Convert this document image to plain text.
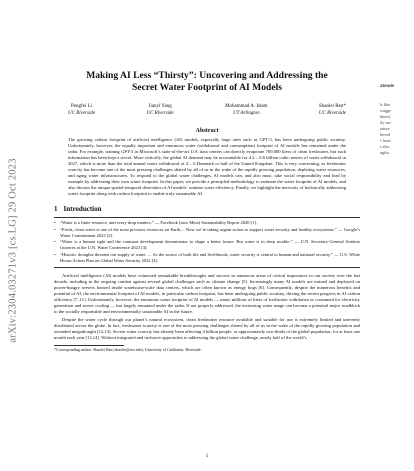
arXiv:2304.03271v3 [cs.LG] 29 Oct 2023
afeude
ls like
wagge
hines)
tly use
rature
lieved
r from
s also
ngths
Making AI Less “Thirsty”: Uncovering and Addressing the
Secret Water Footprint of AI Models
Pengfei Li
UC Riverside
Jianyi Yang
UC Riverside
Mohammad A. Islam
UT Arlington
Shaolei Ren*
UC Riverside
Abstract

The growing carbon footprint of artificial intelligence (AI) models, especially large ones such as GPT-3, has been undergoing public scrutiny. Unfortunately, however, the equally important and enormous water (withdrawal and consumption) footprint of AI models has remained under the radar. For example, training GPT-3 in Microsoft’s state-of-the-art U.S. data centers can directly evaporate 700,000 liters of clean freshwater, but such information has been kept a secret. More critically, the global AI demand may be accountable for 4.2 – 6.6 billion cubic meters of water withdrawal in 2027, which is more than the total annual water withdrawal of 4 – 6 Denmark or half of the United Kingdom. This is very concerning, as freshwater scarcity has become one of the most pressing challenges shared by all of us in the wake of the rapidly growing population, depleting water resources, and aging water infrastructures. To respond to the global water challenges, AI models can, and also must, take social responsibility and lead by example by addressing their own water footprint. In this paper, we provide a principled methodology to estimate the water footprint of AI models, and also discuss the unique spatial-temporal diversities of AI models’ runtime water efficiency. Finally, we highlight the necessity of holistically addressing water footprint along with carbon footprint to enable truly sustainable AI.

1 Introduction
• “Water is a finite resource, and every drop matters.” — Facebook (now Meta) Sustainability Report 2020 [1].
• “Fresh, clean water is one of the most precious resources on Earth.... Now we’re taking urgent action to support water security and healthy ecosystems.” — Google’s Water Commitment 2023 [2].
• “Water is a human right and the common development denominator to shape a better future. But water is in deep trouble.” — U.N. Secretary-General António Guterres at the U.N. Water Conference 2023 [3].
• “Historic droughts threaten our supply of water .... As the source of both life and livelihoods, water security is central to human and national security.” — U.S. White House Action Plan on Global Water Security 2022 [4].

Artificial intelligence (AI) models have witnessed remarkable breakthroughs and success in numerous areas of critical importance to our society over the last decade, including in the ongoing combat against several global challenges such as climate change [5]. Increasingly many AI models are trained and deployed on power-hungry servers housed inside warehouse-scale data centers, which are often known as energy hogs [6]. Consequently, despite the numerous benefits and potential of AI, the environmental footprint of AI models, in particular carbon footprint, has been undergoing public scrutiny, driving the recent progress in AI carbon efficiency [7–11]. Unfortunately, however, the enormous water footprint of AI models — many millions of liters of freshwater withdrawn or consumed for electricity generation and server cooling — has largely remained under the radar. If not properly addressed, the increasing water usage can become a potential major roadblock to the socially responsible and environmentally sustainable AI in the future.

Despite the water cycle through our planet’s natural ecosystem, clean freshwater resource available and suitable for use is extremely limited and unevenly distributed across the globe. In fact, freshwater scarcity is one of the most pressing challenges shared by all of us in the wake of the rapidly growing population and extended megadrought [12,13]. Severe water scarcity has already been affecting 4 billion people, or approximately two-thirds of the global population, for at least one month each year [13,14]. Without integrated and inclusive approaches to addressing the global water challenge, nearly half of the world’s

*Corresponding author: Shaolei Ren (shaolei@ucr.edu), University of California, Riverside.

1
